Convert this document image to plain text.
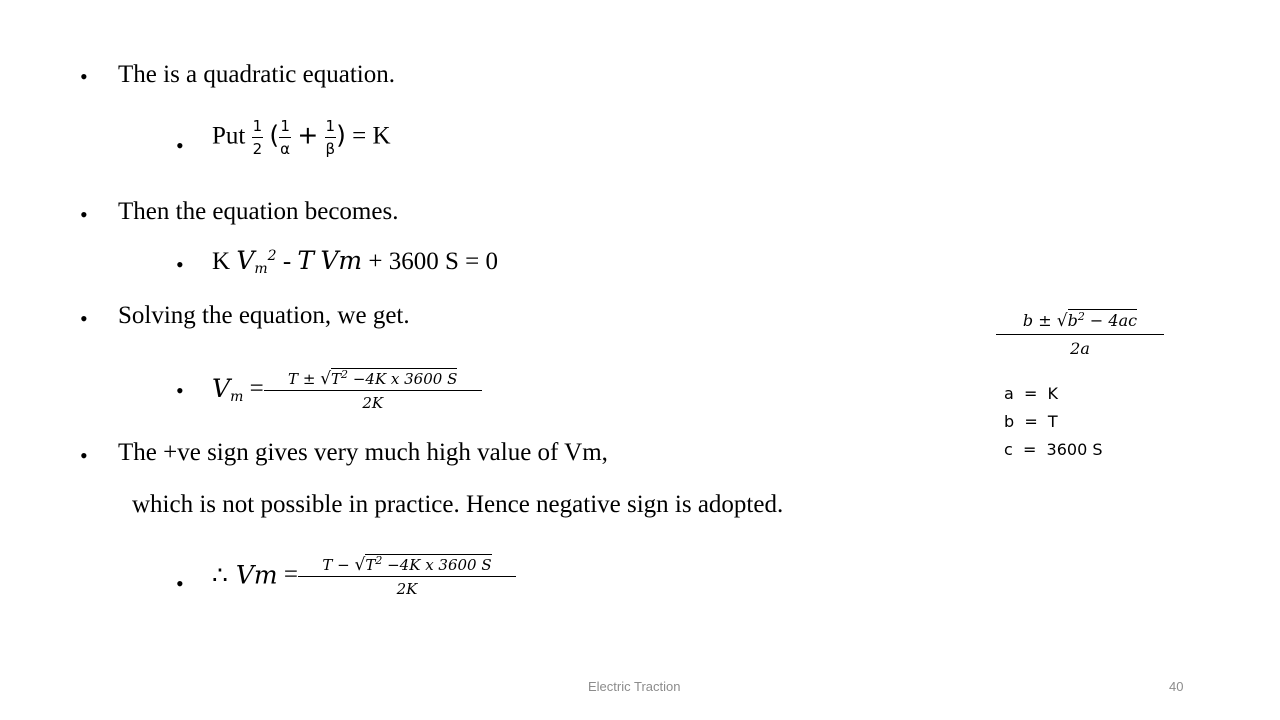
• The is a quadratic equation.
• Put $\frac{1}{2}$ ( $\frac{1}{\alpha} + \frac{1}{\beta}$ ) = K
• Then the equation becomes.
• K $V_m^2$ - T Vm + 3600 S = 0
• Solving the equation, we get.
• $V_m = \frac{T \pm √T^2 -4K x 3600 S}{2K}$
• The +ve sign gives very much high value of Vm,
which is not possible in practice. Hence negative sign is adopted.
• ∴ $Vm = \frac{T - √T^2 -4K x 3600 S}{2K}$
$\frac{b \pm √b^2 - 4ac}{2a}$
a  =  K
b  =  T
c  =  3600 S
Electric Traction	40
